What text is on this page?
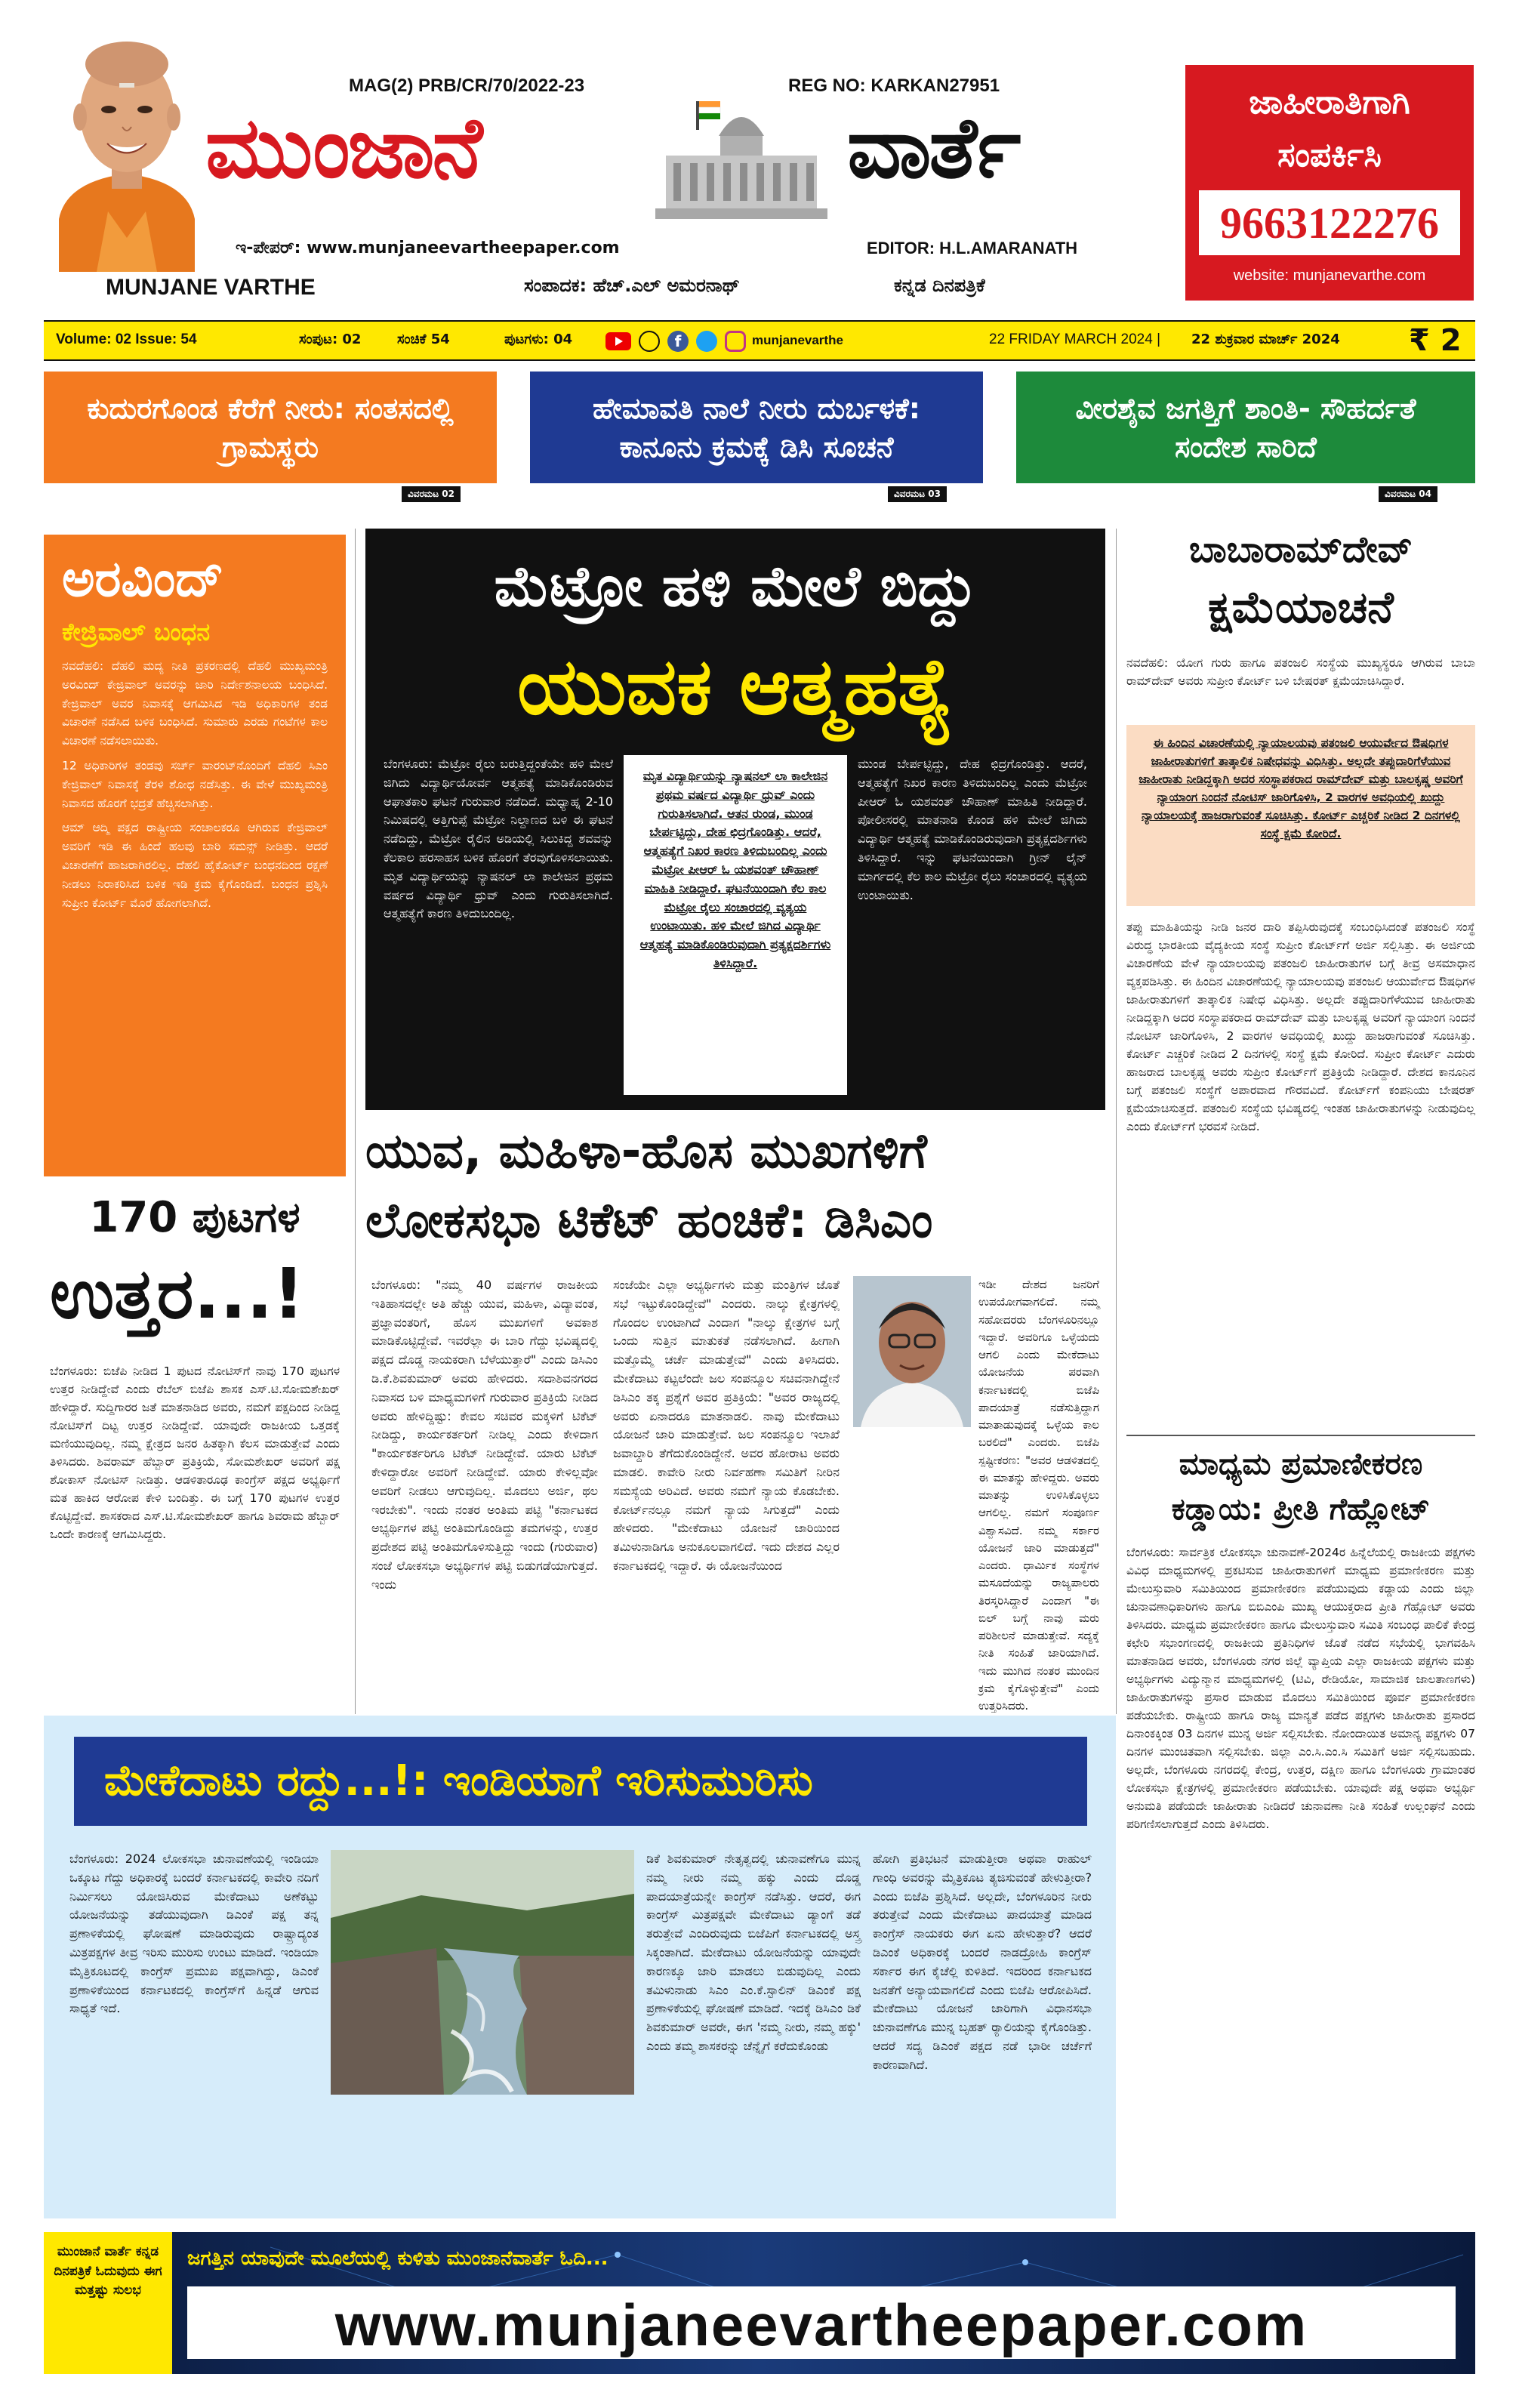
MUNJANE VARTHE
MAG(2) PRB/CR/70/2022-23	REG NO: KARKAN27951
ಮುಂಜಾನೆ	ವಾರ್ತೆ
ಇ-ಪೇಪರ್: www.munjaneevartheepaper.com	EDITOR: H.L.AMARANATH
ಸಂಪಾದಕ: ಹೆಚ್.ಎಲ್ ಅಮರನಾಥ್	ಕನ್ನಡ ದಿನಪತ್ರಿಕೆ
ಜಾಹೀರಾತಿಗಾಗಿ
ಸಂಪರ್ಕಿಸಿ
9663122276
website: munjanevarthe.com
Volume: 02 Issue: 54	ಸಂಪುಟ: 02	ಸಂಚಿಕೆ 54	ಪುಟಗಳು: 04	f	munjanevarthe	22 FRIDAY MARCH 2024 | 22 ಶುಕ್ರವಾರ ಮಾರ್ಚ್ 2024 ₹ 2
ಕುದುರಗೊಂಡ ಕೆರೆಗೆ ನೀರು: ಸಂತಸದಲ್ಲಿ ಗ್ರಾಮಸ್ಥರು
ವಿವರಮಟ 02
ಹೇಮಾವತಿ ನಾಲೆ ನೀರು ದುರ್ಬಳಕೆ: ಕಾನೂನು ಕ್ರಮಕ್ಕೆ ಡಿಸಿ ಸೂಚನೆ
ವಿವರಮಟ 03
ವೀರಶೈವ ಜಗತ್ತಿಗೆ ಶಾಂತಿ- ಸೌಹರ್ದತೆ ಸಂದೇಶ ಸಾರಿದೆ
ವಿವರಮಟ 04
ಅರವಿಂದ್
ಕೇಜ್ರಿವಾಲ್ ಬಂಧನ

ನವದೆಹಲಿ: ದೆಹಲಿ ಮದ್ಯ ನೀತಿ ಪ್ರಕರಣದಲ್ಲಿ ದೆಹಲಿ ಮುಖ್ಯಮಂತ್ರಿ ಅರವಿಂದ್ ಕೇಜ್ರಿವಾಲ್ ಅವರನ್ನು ಜಾರಿ ನಿರ್ದೇಶನಾಲಯ ಬಂಧಿಸಿದೆ. ಕೇಜ್ರಿವಾಲ್ ಅವರ ನಿವಾಸಕ್ಕೆ ಆಗಮಿಸಿದ ಇಡಿ ಅಧಿಕಾರಿಗಳ ತಂಡ ವಿಚಾರಣೆ ನಡೆಸಿದ ಬಳಿಕ ಬಂಧಿಸಿದೆ. ಸುಮಾರು ಎರಡು ಗಂಟೆಗಳ ಕಾಲ ವಿಚಾರಣೆ ನಡೆಸಲಾಯಿತು.

12 ಅಧಿಕಾರಿಗಳ ತಂಡವು ಸರ್ಚ್ ವಾರಂಟ್‌ನೊಂದಿಗೆ ದೆಹಲಿ ಸಿಎಂ ಕೇಜ್ರಿವಾಲ್ ನಿವಾಸಕ್ಕೆ ತೆರಳಿ ಶೋಧ ನಡೆಸಿತ್ತು. ಈ ವೇಳೆ ಮುಖ್ಯಮಂತ್ರಿ ನಿವಾಸದ ಹೊರಗೆ ಭದ್ರತೆ ಹೆಚ್ಚಿಸಲಾಗಿತ್ತು.

ಆಮ್ ಆದ್ಮಿ ಪಕ್ಷದ ರಾಷ್ಟ್ರೀಯ ಸಂಚಾಲಕರೂ ಆಗಿರುವ ಕೇಜ್ರಿವಾಲ್ ಅವರಿಗೆ ಇಡಿ ಈ ಹಿಂದೆ ಹಲವು ಬಾರಿ ಸಮನ್ಸ್ ನೀಡಿತ್ತು. ಆದರೆ ವಿಚಾರಣೆಗೆ ಹಾಜರಾಗಿರಲಿಲ್ಲ. ದೆಹಲಿ ಹೈಕೋರ್ಟ್ ಬಂಧನದಿಂದ ರಕ್ಷಣೆ ನೀಡಲು ನಿರಾಕರಿಸಿದ ಬಳಿಕ ಇಡಿ ಕ್ರಮ ಕೈಗೊಂಡಿದೆ. ಬಂಧನ ಪ್ರಶ್ನಿಸಿ ಸುಪ್ರೀಂ ಕೋರ್ಟ್ ಮೊರೆ ಹೋಗಲಾಗಿದೆ.

170 ಪುಟಗಳ
ಉತ್ತರ...!
ಬೆಂಗಳೂರು: ಬಿಜೆಪಿ ನೀಡಿದ 1 ಪುಟದ ನೋಟಿಸ್‌ಗೆ ನಾವು 170 ಪುಟಗಳ ಉತ್ತರ ನೀಡಿದ್ದೇವೆ ಎಂದು ರೆಬೆಲ್ ಬಿಜೆಪಿ ಶಾಸಕ ಎಸ್.ಟಿ.ಸೋಮಶೇಖರ್ ಹೇಳಿದ್ದಾರೆ. ಸುದ್ದಿಗಾರರ ಜತೆ ಮಾತನಾಡಿದ ಅವರು, ನಮಗೆ ಪಕ್ಷದಿಂದ ನೀಡಿದ್ದ ನೋಟಿಸ್‌ಗೆ ದಿಟ್ಟ ಉತ್ತರ ನೀಡಿದ್ದೇವೆ. ಯಾವುದೇ ರಾಜಕೀಯ ಒತ್ತಡಕ್ಕೆ ಮಣಿಯುವುದಿಲ್ಲ. ನಮ್ಮ ಕ್ಷೇತ್ರದ ಜನರ ಹಿತಕ್ಕಾಗಿ ಕೆಲಸ ಮಾಡುತ್ತೇವೆ ಎಂದು ತಿಳಿಸಿದರು. ಶಿವರಾಮ್ ಹೆಬ್ಬಾರ್ ಪ್ರತಿಕ್ರಿಯೆ, ಸೋಮಶೇಖರ್ ಅವರಿಗೆ ಪಕ್ಷ ಶೋಕಾಸ್ ನೋಟಿಸ್ ನೀಡಿತ್ತು. ಆಡಳಿತಾರೂಢ ಕಾಂಗ್ರೆಸ್ ಪಕ್ಷದ ಅಭ್ಯರ್ಥಿಗೆ ಮತ ಹಾಕಿದ ಆರೋಪ ಕೇಳಿ ಬಂದಿತ್ತು. ಈ ಬಗ್ಗೆ 170 ಪುಟಗಳ ಉತ್ತರ ಕೊಟ್ಟಿದ್ದೇವೆ. ಶಾಸಕರಾದ ಎಸ್.ಟಿ.ಸೋಮಶೇಖರ್ ಹಾಗೂ ಶಿವರಾಮ ಹೆಬ್ಬಾರ್ ಒಂದೇ ಕಾರಣಕ್ಕೆ ಆಗಮಿಸಿದ್ದರು.
ಮೆಟ್ರೋ ಹಳಿ ಮೇಲೆ ಬಿದ್ದು
ಯುವಕ ಆತ್ಮಹತ್ಯೆ
ಬೆಂಗಳೂರು: ಮೆಟ್ರೋ ರೈಲು ಬರುತ್ತಿದ್ದಂತೆಯೇ ಹಳಿ ಮೇಲೆ ಜಿಗಿದು ವಿದ್ಯಾರ್ಥಿಯೋರ್ವ ಆತ್ಮಹತ್ಯೆ ಮಾಡಿಕೊಂಡಿರುವ ಆಘಾತಕಾರಿ ಘಟನೆ ಗುರುವಾರ ನಡೆದಿದೆ. ಮಧ್ಯಾಹ್ನ 2-10 ನಿಮಿಷದಲ್ಲಿ ಅತ್ತಿಗುಪ್ಪೆ ಮೆಟ್ರೋ ನಿಲ್ದಾಣದ ಬಳಿ ಈ ಘಟನೆ ನಡೆದಿದ್ದು, ಮೆಟ್ರೋ ರೈಲಿನ ಅಡಿಯಲ್ಲಿ ಸಿಲುಕಿದ್ದ ಶವವನ್ನು ಕೆಲಕಾಲ ಹರಸಾಹಸ ಬಳಿಕ ಹೊರಗೆ ತೆರವುಗೊಳಿಸಲಾಯಿತು. ಮೃತ ವಿದ್ಯಾರ್ಥಿಯನ್ನು ನ್ಯಾಷನಲ್ ಲಾ ಕಾಲೇಜಿನ ಪ್ರಥಮ ವರ್ಷದ ವಿದ್ಯಾರ್ಥಿ ಧ್ರುವ್ ಎಂದು ಗುರುತಿಸಲಾಗಿದೆ. ಆತ್ಮಹತ್ಯೆಗೆ ಕಾರಣ ತಿಳಿದುಬಂದಿಲ್ಲ.
ಮೃತ ವಿದ್ಯಾರ್ಥಿಯನ್ನು ನ್ಯಾಷನಲ್ ಲಾ ಕಾಲೇಜಿನ ಪ್ರಥಮ ವರ್ಷದ ವಿದ್ಯಾರ್ಥಿ ಧ್ರುವ್ ಎಂದು ಗುರುತಿಸಲಾಗಿದೆ. ಆತನ ರುಂಡ, ಮುಂಡ ಬೇರ್ಪಟ್ಟಿದ್ದು, ದೇಹ ಛಿದ್ರಗೊಂಡಿತ್ತು. ಆದರೆ, ಆತ್ಮಹತ್ಯೆಗೆ ನಿಖರ ಕಾರಣ ತಿಳಿದುಬಂದಿಲ್ಲ ಎಂದು ಮೆಟ್ರೋ ಪೀಆರ್ ಓ ಯಶವಂತ್ ಚೌಹಾಣ್ ಮಾಹಿತಿ ನೀಡಿದ್ದಾರೆ. ಘಟನೆಯಿಂದಾಗಿ ಕೆಲ ಕಾಲ ಮೆಟ್ರೋ ರೈಲು ಸಂಚಾರದಲ್ಲಿ ವ್ಯತ್ಯಯ ಉಂಟಾಯಿತು. ಹಳಿ ಮೇಲೆ ಜಿಗಿದ ವಿದ್ಯಾರ್ಥಿ ಆತ್ಮಹತ್ಯೆ ಮಾಡಿಕೊಂಡಿರುವುದಾಗಿ ಪ್ರತ್ಯಕ್ಷದರ್ಶಿಗಳು ತಿಳಿಸಿದ್ದಾರೆ.
ಮುಂಡ ಬೇರ್ಪಟ್ಟಿದ್ದು, ದೇಹ ಛಿದ್ರಗೊಂಡಿತ್ತು. ಆದರೆ, ಆತ್ಮಹತ್ಯೆಗೆ ನಿಖರ ಕಾರಣ ತಿಳಿದುಬಂದಿಲ್ಲ ಎಂದು ಮೆಟ್ರೋ ಪೀಆರ್ ಓ ಯಶವಂತ್ ಚೌಹಾಣ್ ಮಾಹಿತಿ ನೀಡಿದ್ದಾರೆ. ಪೋಲೀಸರಲ್ಲಿ ಮಾತನಾಡಿ ಕೊಂಡ ಹಳಿ ಮೇಲೆ ಜಿಗಿದು ವಿದ್ಯಾರ್ಥಿ ಆತ್ಮಹತ್ಯೆ ಮಾಡಿಕೊಂಡಿರುವುದಾಗಿ ಪ್ರತ್ಯಕ್ಷದರ್ಶಿಗಳು ತಿಳಿಸಿದ್ದಾರೆ. ಇನ್ನು ಘಟನೆಯಿಂದಾಗಿ ಗ್ರೀನ್ ಲೈನ್ ಮಾರ್ಗದಲ್ಲಿ ಕೆಲ ಕಾಲ ಮೆಟ್ರೋ ರೈಲು ಸಂಚಾರದಲ್ಲಿ ವ್ಯತ್ಯಯ ಉಂಟಾಯಿತು.
ಯುವ, ಮಹಿಳಾ-ಹೊಸ ಮುಖಗಳಿಗೆ
ಲೋಕಸಭಾ ಟಿಕೆಟ್ ಹಂಚಿಕೆ: ಡಿಸಿಎಂ
ಬೆಂಗಳೂರು: "ನಮ್ಮ 40 ವರ್ಷಗಳ ರಾಜಕೀಯ ಇತಿಹಾಸದಲ್ಲೇ ಅತಿ ಹೆಚ್ಚು ಯುವ, ಮಹಿಳಾ, ವಿದ್ಯಾವಂತ, ಪ್ರಜ್ಞಾವಂತರಿಗೆ, ಹೊಸ ಮುಖಗಳಿಗೆ ಅವಕಾಶ ಮಾಡಿಕೊಟ್ಟಿದ್ದೇವೆ. ಇವರೆಲ್ಲಾ ಈ ಬಾರಿ ಗೆದ್ದು ಭವಿಷ್ಯದಲ್ಲಿ ಪಕ್ಷದ ದೊಡ್ಡ ನಾಯಕರಾಗಿ ಬೆಳೆಯುತ್ತಾರೆ" ಎಂದು ಡಿಸಿಎಂ ಡಿ.ಕೆ.ಶಿವಕುಮಾರ್ ಅವರು ಹೇಳಿದರು. ಸದಾಶಿವನಗರದ ನಿವಾಸದ ಬಳಿ ಮಾಧ್ಯಮಗಳಿಗೆ ಗುರುವಾರ ಪ್ರತಿಕ್ರಿಯೆ ನೀಡಿದ ಅವರು ಹೇಳಿದ್ದಿಷ್ಟು: ಕೇವಲ ಸಚಿವರ ಮಕ್ಕಳಿಗೆ ಟಿಕೆಟ್ ನೀಡಿದ್ದು, ಕಾರ್ಯಕರ್ತರಿಗೆ ನೀಡಿಲ್ಲ ಎಂದು ಕೇಳಿದಾಗ "ಕಾರ್ಯಕರ್ತರಿಗೂ ಟಿಕೆಟ್ ನೀಡಿದ್ದೇವೆ. ಯಾರು ಟಿಕೆಟ್ ಕೇಳಿದ್ದಾರೋ ಅವರಿಗೆ ನೀಡಿದ್ದೇವೆ. ಯಾರು ಕೇಳಿಲ್ಲವೋ ಅವರಿಗೆ ನೀಡಲು ಆಗುವುದಿಲ್ಲ. ಮೊದಲು ಅರ್ಜಿ, ಥಲ ಇರಬೇಕು". ಇಂದು ನಂತರ ಅಂತಿಮ ಪಟ್ಟಿ "ಕರ್ನಾಟಕದ ಅಭ್ಯರ್ಥಿಗಳ ಪಟ್ಟಿ ಅಂತಿಮಗೊಂಡಿದ್ದು ತಮಗಳನ್ನು, ಉತ್ತರ ಪ್ರದೇಶದ ಪಟ್ಟಿ ಅಂತಿಮಗೊಳಿಸುತ್ತಿದ್ದು ಇಂದು (ಗುರುವಾರ) ಸಂಜೆ ಲೋಕಸಭಾ ಅಭ್ಯರ್ಥಿಗಳ ಪಟ್ಟಿ ಬಿಡುಗಡೆಯಾಗುತ್ತದೆ. ಇಂದು
ಸಂಜೆಯೇ ಎಲ್ಲಾ ಅಭ್ಯರ್ಥಿಗಳು ಮತ್ತು ಮಂತ್ರಿಗಳ ಜೊತೆ ಸಭೆ ಇಟ್ಟುಕೊಂಡಿದ್ದೇವೆ" ಎಂದರು. ನಾಲ್ಕು ಕ್ಷೇತ್ರಗಳಲ್ಲಿ ಗೊಂದಲ ಉಂಟಾಗಿದೆ ಎಂದಾಗ "ನಾಲ್ಕು ಕ್ಷೇತ್ರಗಳ ಬಗ್ಗೆ ಒಂದು ಸುತ್ತಿನ ಮಾತುಕತೆ ನಡೆಸಲಾಗಿದೆ. ಹೀಗಾಗಿ ಮತ್ತೊಮ್ಮೆ ಚರ್ಚೆ ಮಾಡುತ್ತೇವೆ" ಎಂದು ತಿಳಿಸಿದರು. ಮೇಕೆದಾಟು ಕಟ್ಟಲೆಂದೇ ಜಲ ಸಂಪನ್ಮೂಲ ಸಚಿವನಾಗಿದ್ದೇನೆ ಡಿಸಿಎಂ ತಕ್ಕ ಪ್ರಶ್ನೆಗೆ ಅವರ ಪ್ರತಿಕ್ರಿಯೆ: "ಅವರ ರಾಜ್ಯದಲ್ಲಿ ಅವರು ಏನಾದರೂ ಮಾತನಾಡಲಿ. ನಾವು ಮೇಕೆದಾಟು ಯೋಜನೆ ಜಾರಿ ಮಾಡುತ್ತೇವೆ. ಜಲ ಸಂಪನ್ಮೂಲ ಇಲಾಖೆ ಜವಾಬ್ದಾರಿ ತೆಗೆದುಕೊಂಡಿದ್ದೇನೆ. ಅವರ ಹೋರಾಟ ಅವರು ಮಾಡಲಿ. ಕಾವೇರಿ ನೀರು ನಿರ್ವಹಣಾ ಸಮಿತಿಗೆ ನೀರಿನ ಸಮಸ್ಯೆಯ ಅರಿವಿದೆ. ಅವರು ನಮಗೆ ನ್ಯಾಯ ಕೊಡಬೇಕು. ಕೋರ್ಟ್‌ನಲ್ಲೂ ನಮಗೆ ನ್ಯಾಯ ಸಿಗುತ್ತದೆ" ಎಂದು ಹೇಳಿದರು. "ಮೇಕೆದಾಟು ಯೋಜನೆ ಜಾರಿಯಿಂದ ತಮಿಳುನಾಡಿಗೂ ಅನುಕೂಲವಾಗಲಿದೆ. ಇದು ದೇಶದ ಎಲ್ಲರ ಕರ್ನಾಟಕದಲ್ಲಿ ಇದ್ದಾರೆ. ಈ ಯೋಜನೆಯಿಂದ
ಇಡೀ ದೇಶದ ಜನರಿಗೆ ಉಪಯೋಗವಾಗಲಿದೆ. ನಮ್ಮ ಸಹೋದರರು ಬೆಂಗಳೂರಿನಲ್ಲೂ ಇದ್ದಾರೆ. ಅವರಿಗೂ ಒಳ್ಳೆಯದು ಆಗಲಿ ಎಂದು ಮೇಕೆದಾಟು ಯೋಜನೆಯ ಪರವಾಗಿ ಕರ್ನಾಟಕದಲ್ಲಿ ಬಿಜೆಪಿ ಪಾದಯಾತ್ರೆ ನಡೆಸುತ್ತಿದ್ದಾಗ ಮಾತಾಡುವುದಕ್ಕೆ ಒಳ್ಳೆಯ ಕಾಲ ಬರಲಿದೆ" ಎಂದರು. ಬಿಜೆಪಿ ಸ್ಪಷ್ಟೀಕರಣ: "ಅವರ ಆಡಳಿತದಲ್ಲಿ ಈ ಮಾತನ್ನು ಹೇಳಿದ್ದರು. ಅವರು ಮಾತನ್ನು ಉಳಿಸಿಕೊಳ್ಳಲು ಆಗಲಿಲ್ಲ. ನಮಗೆ ಸಂಪೂರ್ಣ ವಿಶ್ವಾಸವಿದೆ. ನಮ್ಮ ಸರ್ಕಾರ ಯೋಜನೆ ಜಾರಿ ಮಾಡುತ್ತದೆ" ಎಂದರು. ಧಾರ್ಮಿಕ ಸಂಸ್ಥೆಗಳ ಮಸೂದೆಯನ್ನು ರಾಜ್ಯಪಾಲರು ತಿರಸ್ಕರಿಸಿದ್ದಾರೆ ಎಂದಾಗ "ಈ ಬಿಲ್ ಬಗ್ಗೆ ನಾವು ಮರು ಪರಿಶೀಲನೆ ಮಾಡುತ್ತೇವೆ. ಸದ್ಯಕ್ಕೆ ನೀತಿ ಸಂಹಿತೆ ಜಾರಿಯಾಗಿದೆ. ಇದು ಮುಗಿದ ನಂತರ ಮುಂದಿನ ಕ್ರಮ ಕೈಗೊಳ್ಳುತ್ತೇವೆ" ಎಂದು ಉತ್ತರಿಸಿದರು.
ಬಾಬಾರಾಮ್‌ದೇವ್
ಕ್ಷಮೆಯಾಚನೆ
ನವದೆಹಲಿ: ಯೋಗ ಗುರು ಹಾಗೂ ಪತಂಜಲಿ ಸಂಸ್ಥೆಯ ಮುಖ್ಯಸ್ಥರೂ ಆಗಿರುವ ಬಾಬಾ ರಾಮ್‌ದೇವ್ ಅವರು ಸುಪ್ರೀಂ ಕೋರ್ಟ್ ಬಳಿ ಬೇಷರತ್ ಕ್ಷಮೆಯಾಚಿಸಿದ್ದಾರೆ.
ಈ ಹಿಂದಿನ ವಿಚಾರಣೆಯಲ್ಲಿ ನ್ಯಾಯಾಲಯವು ಪತಂಜಲಿ ಆಯುರ್ವೇದ ಔಷಧಿಗಳ ಜಾಹೀರಾತುಗಳಿಗೆ ತಾತ್ಕಾಲಿಕ ನಿಷೇಧವನ್ನು ವಿಧಿಸಿತ್ತು. ಅಲ್ಲದೇ ತಪ್ಪುದಾರಿಗೆಳೆಯುವ ಜಾಹೀರಾತು ನೀಡಿದ್ದಕ್ಕಾಗಿ ಅದರ ಸಂಸ್ಥಾಪಕರಾದ ರಾಮ್‌ದೇವ್ ಮತ್ತು ಬಾಲಕೃಷ್ಣ ಅವರಿಗೆ ನ್ಯಾಯಾಂಗ ನಿಂದನೆ ನೋಟಿಸ್ ಜಾರಿಗೊಳಿಸಿ, 2 ವಾರಗಳ ಅವಧಿಯಲ್ಲಿ ಖುದ್ದು ನ್ಯಾಯಾಲಯಕ್ಕೆ ಹಾಜರಾಗುವಂತೆ ಸೂಚಿಸಿತ್ತು. ಕೋರ್ಟ್ ಎಚ್ಚರಿಕೆ ನೀಡಿದ 2 ದಿನಗಳಲ್ಲಿ ಸಂಸ್ಥೆ ಕ್ಷಮೆ ಕೋರಿದೆ.
ತಪ್ಪು ಮಾಹಿತಿಯನ್ನು ನೀಡಿ ಜನರ ದಾರಿ ತಪ್ಪಿಸಿರುವುದಕ್ಕೆ ಸಂಬಂಧಿಸಿದಂತೆ ಪತಂಜಲಿ ಸಂಸ್ಥೆ ವಿರುದ್ಧ ಭಾರತೀಯ ವೈದ್ಯಕೀಯ ಸಂಸ್ಥೆ ಸುಪ್ರೀಂ ಕೋರ್ಟ್‌ಗೆ ಅರ್ಜಿ ಸಲ್ಲಿಸಿತ್ತು. ಈ ಅರ್ಜಿಯ ವಿಚಾರಣೆಯ ವೇಳೆ ನ್ಯಾಯಾಲಯವು ಪತಂಜಲಿ ಜಾಹೀರಾತುಗಳ ಬಗ್ಗೆ ತೀವ್ರ ಅಸಮಾಧಾನ ವ್ಯಕ್ತಪಡಿಸಿತ್ತು. ಈ ಹಿಂದಿನ ವಿಚಾರಣೆಯಲ್ಲಿ ನ್ಯಾಯಾಲಯವು ಪತಂಜಲಿ ಆಯುರ್ವೇದ ಔಷಧಿಗಳ ಜಾಹೀರಾತುಗಳಿಗೆ ತಾತ್ಕಾಲಿಕ ನಿಷೇಧ ವಿಧಿಸಿತ್ತು. ಅಲ್ಲದೇ ತಪ್ಪುದಾರಿಗೆಳೆಯುವ ಜಾಹೀರಾತು ನೀಡಿದ್ದಕ್ಕಾಗಿ ಅದರ ಸಂಸ್ಥಾಪಕರಾದ ರಾಮ್‌ದೇವ್ ಮತ್ತು ಬಾಲಕೃಷ್ಣ ಅವರಿಗೆ ನ್ಯಾಯಾಂಗ ನಿಂದನೆ ನೋಟಿಸ್ ಜಾರಿಗೊಳಿಸಿ, 2 ವಾರಗಳ ಅವಧಿಯಲ್ಲಿ ಖುದ್ದು ಹಾಜರಾಗುವಂತೆ ಸೂಚಿಸಿತ್ತು. ಕೋರ್ಟ್ ಎಚ್ಚರಿಕೆ ನೀಡಿದ 2 ದಿನಗಳಲ್ಲಿ ಸಂಸ್ಥೆ ಕ್ಷಮೆ ಕೋರಿದೆ. ಸುಪ್ರೀಂ ಕೋರ್ಟ್ ಎದುರು ಹಾಜರಾದ ಬಾಲಕೃಷ್ಣ ಅವರು ಸುಪ್ರೀಂ ಕೋರ್ಟ್‌ಗೆ ಪ್ರತಿಕ್ರಿಯೆ ನೀಡಿದ್ದಾರೆ. ದೇಶದ ಕಾನೂನಿನ ಬಗ್ಗೆ ಪತಂಜಲಿ ಸಂಸ್ಥೆಗೆ ಅಪಾರವಾದ ಗೌರವವಿದೆ. ಕೋರ್ಟ್‌ಗೆ ಕಂಪನಿಯು ಬೇಷರತ್ ಕ್ಷಮೆಯಾಚಿಸುತ್ತದೆ. ಪತಂಜಲಿ ಸಂಸ್ಥೆಯ ಭವಿಷ್ಯದಲ್ಲಿ ಇಂತಹ ಜಾಹೀರಾತುಗಳನ್ನು ನೀಡುವುದಿಲ್ಲ ಎಂದು ಕೋರ್ಟ್‌ಗೆ ಭರವಸೆ ನೀಡಿದೆ.
ಮಾಧ್ಯಮ ಪ್ರಮಾಣೀಕರಣ
ಕಡ್ಡಾಯ: ಪ್ರೀತಿ ಗೆಹ್ಲೋಟ್
ಬೆಂಗಳೂರು: ಸಾರ್ವತ್ರಿಕ ಲೋಕಸಭಾ ಚುನಾವಣೆ-2024ರ ಹಿನ್ನೆಲೆಯಲ್ಲಿ ರಾಜಕೀಯ ಪಕ್ಷಗಳು ವಿವಿಧ ಮಾಧ್ಯಮಗಳಲ್ಲಿ ಪ್ರಕಟಿಸುವ ಜಾಹೀರಾತುಗಳಿಗೆ ಮಾಧ್ಯಮ ಪ್ರಮಾಣೀಕರಣ ಮತ್ತು ಮೇಲುಸ್ತುವಾರಿ ಸಮಿತಿಯಿಂದ ಪ್ರಮಾಣೀಕರಣ ಪಡೆಯುವುದು ಕಡ್ಡಾಯ ಎಂದು ಜಿಲ್ಲಾ ಚುನಾವಣಾಧಿಕಾರಿಗಳು ಹಾಗೂ ಬಿಬಿಎಂಪಿ ಮುಖ್ಯ ಆಯುಕ್ತರಾದ ಪ್ರೀತಿ ಗೆಹ್ಲೋಟ್ ಅವರು ತಿಳಿಸಿದರು. ಮಾಧ್ಯಮ ಪ್ರಮಾಣೀಕರಣ ಹಾಗೂ ಮೇಲುಸ್ತುವಾರಿ ಸಮಿತಿ ಸಂಬಂಧ ಪಾಲಿಕೆ ಕೇಂದ್ರ ಕಛೇರಿ ಸಭಾಂಗಣದಲ್ಲಿ ರಾಜಕೀಯ ಪ್ರತಿನಿಧಿಗಳ ಜೊತೆ ನಡೆದ ಸಭೆಯಲ್ಲಿ ಭಾಗವಹಿಸಿ ಮಾತನಾಡಿದ ಅವರು, ಬೆಂಗಳೂರು ನಗರ ಜಿಲ್ಲೆ ವ್ಯಾಪ್ತಿಯ ಎಲ್ಲಾ ರಾಜಕೀಯ ಪಕ್ಷಗಳು ಮತ್ತು ಅಭ್ಯರ್ಥಿಗಳು ವಿದ್ಯುನ್ಮಾನ ಮಾಧ್ಯಮಗಳಲ್ಲಿ (ಟಿವಿ, ರೇಡಿಯೋ, ಸಾಮಾಜಿಕ ಜಾಲತಾಣಗಳು) ಜಾಹೀರಾತುಗಳನ್ನು ಪ್ರಸಾರ ಮಾಡುವ ಮೊದಲು ಸಮಿತಿಯಿಂದ ಪೂರ್ವ ಪ್ರಮಾಣೀಕರಣ ಪಡೆಯಬೇಕು. ರಾಷ್ಟ್ರೀಯ ಹಾಗೂ ರಾಜ್ಯ ಮಾನ್ಯತೆ ಪಡೆದ ಪಕ್ಷಗಳು ಜಾಹೀರಾತು ಪ್ರಸಾರದ ದಿನಾಂಕಕ್ಕಿಂತ 03 ದಿನಗಳ ಮುನ್ನ ಅರ್ಜಿ ಸಲ್ಲಿಸಬೇಕು. ನೋಂದಾಯಿತ ಅಮಾನ್ಯ ಪಕ್ಷಗಳು 07 ದಿನಗಳ ಮುಂಚಿತವಾಗಿ ಸಲ್ಲಿಸಬೇಕು. ಜಿಲ್ಲಾ ಎಂ.ಸಿ.ಎಂ.ಸಿ ಸಮಿತಿಗೆ ಅರ್ಜಿ ಸಲ್ಲಿಸಬಹುದು. ಅಲ್ಲದೇ, ಬೆಂಗಳೂರು ನಗರದಲ್ಲಿ ಕೇಂದ್ರ, ಉತ್ತರ, ದಕ್ಷಿಣ ಹಾಗೂ ಬೆಂಗಳೂರು ಗ್ರಾಮಾಂತರ ಲೋಕಸಭಾ ಕ್ಷೇತ್ರಗಳಲ್ಲಿ ಪ್ರಮಾಣೀಕರಣ ಪಡೆಯಬೇಕು. ಯಾವುದೇ ಪಕ್ಷ ಅಥವಾ ಅಭ್ಯರ್ಥಿ ಅನುಮತಿ ಪಡೆಯದೇ ಜಾಹೀರಾತು ನೀಡಿದರೆ ಚುನಾವಣಾ ನೀತಿ ಸಂಹಿತೆ ಉಲ್ಲಂಘನೆ ಎಂದು ಪರಿಗಣಿಸಲಾಗುತ್ತದೆ ಎಂದು ತಿಳಿಸಿದರು.
ಮೇಕೆದಾಟು ರದ್ದು...!: ಇಂಡಿಯಾಗೆ ಇರಿಸುಮುರಿಸು
ಬೆಂಗಳೂರು: 2024 ಲೋಕಸಭಾ ಚುನಾವಣೆಯಲ್ಲಿ ಇಂಡಿಯಾ ಒಕ್ಕೂಟ ಗೆದ್ದು ಅಧಿಕಾರಕ್ಕೆ ಬಂದರೆ ಕರ್ನಾಟಕದಲ್ಲಿ ಕಾವೇರಿ ನದಿಗೆ ನಿರ್ಮಿಸಲು ಯೋಜಿಸಿರುವ ಮೇಕೆದಾಟು ಅಣೆಕಟ್ಟು ಯೋಜನೆಯನ್ನು ತಡೆಯುವುದಾಗಿ ಡಿಎಂಕೆ ಪಕ್ಷ ತನ್ನ ಪ್ರಣಾಳಿಕೆಯಲ್ಲಿ ಘೋಷಣೆ ಮಾಡಿರುವುದು ರಾಷ್ಟ್ರಾದ್ಯಂತ ಮಿತ್ರಪಕ್ಷಗಳ ತೀವ್ರ ಇರಿಸು ಮುರಿಸು ಉಂಟು ಮಾಡಿದೆ. ಇಂಡಿಯಾ ಮೈತ್ರಿಕೂಟದಲ್ಲಿ ಕಾಂಗ್ರೆಸ್ ಪ್ರಮುಖ ಪಕ್ಷವಾಗಿದ್ದು, ಡಿಎಂಕೆ ಪ್ರಣಾಳಿಕೆಯಿಂದ ಕರ್ನಾಟಕದಲ್ಲಿ ಕಾಂಗ್ರೆಸ್‌ಗೆ ಹಿನ್ನಡೆ ಆಗುವ ಸಾಧ್ಯತೆ ಇದೆ.
ಡಿಕೆ ಶಿವಕುಮಾರ್ ನೇತೃತ್ವದಲ್ಲಿ ಚುನಾವಣೆಗೂ ಮುನ್ನ ನಮ್ಮ ನೀರು ನಮ್ಮ ಹಕ್ಕು ಎಂದು ದೊಡ್ಡ ಪಾದಯಾತ್ರೆಯನ್ನೇ ಕಾಂಗ್ರೆಸ್ ನಡೆಸಿತ್ತು. ಆದರೆ, ಈಗ ಕಾಂಗ್ರೆಸ್ ಮಿತ್ರಪಕ್ಷವೇ ಮೇಕೆದಾಟು ಡ್ಯಾಂಗೆ ತಡೆ ತರುತ್ತೇವೆ ಎಂದಿರುವುದು ಬಿಜೆಪಿಗೆ ಕರ್ನಾಟಕದಲ್ಲಿ ಅಸ್ತ್ರ ಸಿಕ್ಕಂತಾಗಿದೆ. ಮೇಕೆದಾಟು ಯೋಜನೆಯನ್ನು ಯಾವುದೇ ಕಾರಣಕ್ಕೂ ಜಾರಿ ಮಾಡಲು ಬಿಡುವುದಿಲ್ಲ ಎಂದು ತಮಿಳುನಾಡು ಸಿಎಂ ಎಂ.ಕೆ.ಸ್ಟಾಲಿನ್ ಡಿಎಂಕೆ ಪಕ್ಷ ಪ್ರಣಾಳಿಕೆಯಲ್ಲಿ ಘೋಷಣೆ ಮಾಡಿದೆ. ಇದಕ್ಕೆ ಡಿಸಿಎಂ ಡಿಕೆ ಶಿವಕುಮಾರ್ ಅವರೇ, ಈಗ 'ನಮ್ಮ ನೀರು, ನಮ್ಮ ಹಕ್ಕು' ಎಂದು ತಮ್ಮ ಶಾಸಕರನ್ನು ಚೆನ್ನೈಗೆ ಕರೆದುಕೊಂಡು
ಹೋಗಿ ಪ್ರತಿಭಟನೆ ಮಾಡುತ್ತೀರಾ ಅಥವಾ ರಾಹುಲ್ ಗಾಂಧಿ ಅವರನ್ನು ಮೈತ್ರಿಕೂಟ ತ್ಯಜಿಸುವಂತೆ ಹೇಳುತ್ತೀರಾ? ಎಂದು ಬಿಜೆಪಿ ಪ್ರಶ್ನಿಸಿದೆ. ಅಲ್ಲದೇ, ಬೆಂಗಳೂರಿನ ನೀರು ತರುತ್ತೇವೆ ಎಂದು ಮೇಕೆದಾಟು ಪಾದಯಾತ್ರೆ ಮಾಡಿದ ಕಾಂಗ್ರೆಸ್ ನಾಯಕರು ಈಗ ಏನು ಹೇಳುತ್ತಾರೆ? ಆದರೆ ಡಿಎಂಕೆ ಅಧಿಕಾರಕ್ಕೆ ಬಂದರೆ ನಾಡದ್ರೋಹಿ ಕಾಂಗ್ರೆಸ್ ಸರ್ಕಾರ ಈಗ ಕೈಚೆಲ್ಲಿ ಕುಳಿತಿದೆ. ಇದರಿಂದ ಕರ್ನಾಟಕದ ಜನತೆಗೆ ಅನ್ಯಾಯವಾಗಲಿದೆ ಎಂದು ಬಿಜೆಪಿ ಆರೋಪಿಸಿದೆ. ಮೇಕೆದಾಟು ಯೋಜನೆ ಜಾರಿಗಾಗಿ ವಿಧಾನಸಭಾ ಚುನಾವಣೆಗೂ ಮುನ್ನ ಬೃಹತ್ ರ‍್ಯಾಲಿಯನ್ನು ಕೈಗೊಂಡಿತ್ತು. ಆದರೆ ಸದ್ಯ ಡಿಎಂಕೆ ಪಕ್ಷದ ನಡೆ ಭಾರೀ ಚರ್ಚೆಗೆ ಕಾರಣವಾಗಿದೆ.
ಮುಂಜಾನೆ ವಾರ್ತೆ ಕನ್ನಡ ದಿನಪತ್ರಿಕೆ ಓದುವುದು ಈಗ ಮತ್ತಷ್ಟು ಸುಲಭ
ಜಗತ್ತಿನ ಯಾವುದೇ ಮೂಲೆಯಲ್ಲಿ ಕುಳಿತು ಮುಂಜಾನೆವಾರ್ತೆ ಓದಿ...
www.munjaneevartheepaper.com
